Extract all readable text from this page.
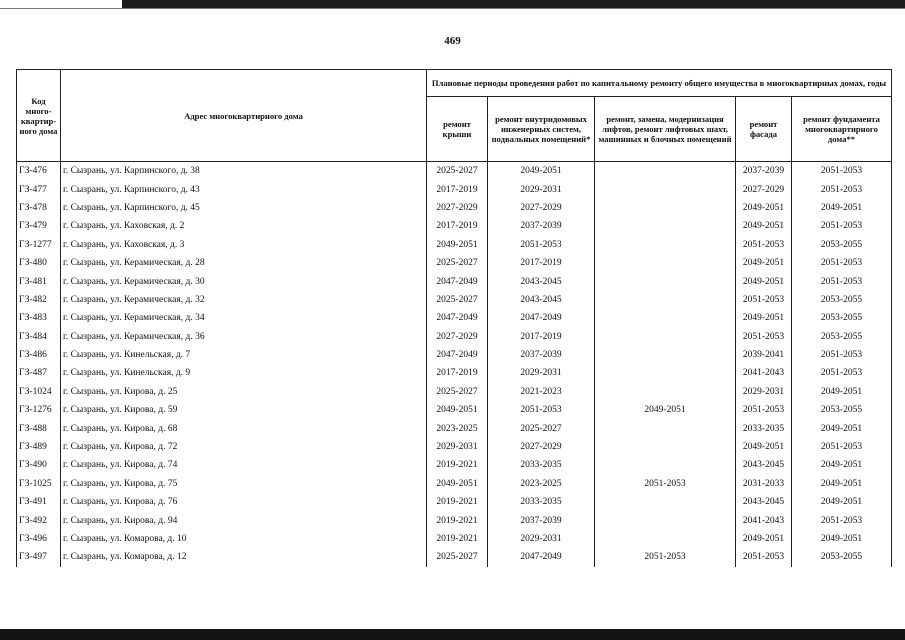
469
Код много-квартир-ного дома	Адрес многоквартирного дома	Плановые периоды проведения работ по капитальному ремонту общего имущества в многоквартирных домах, годы				
		ремонт крыши	ремонт внутридомовых инженерных систем, подвальных помещений*	ремонт, замена, модернизация лифтов, ремонт лифтовых шахт, машинных и блочных помещений	ремонт фасада	ремонт фундамента многоквартирного дома**
ГЗ-476	г. Сызрань, ул. Карпинского, д. 38	2025-2027	2049-2051		2037-2039	2051-2053
ГЗ-477	г. Сызрань, ул. Карпинского, д. 43	2017-2019	2029-2031		2027-2029	2051-2053
ГЗ-478	г. Сызрань, ул. Карпинского, д. 45	2027-2029	2027-2029		2049-2051	2049-2051
ГЗ-479	г. Сызрань, ул. Каховская, д. 2	2017-2019	2037-2039		2049-2051	2051-2053
ГЗ-1277	г. Сызрань, ул. Каховская, д. 3	2049-2051	2051-2053		2051-2053	2053-2055
ГЗ-480	г. Сызрань, ул. Керамическая, д. 28	2025-2027	2017-2019		2049-2051	2051-2053
ГЗ-481	г. Сызрань, ул. Керамическая, д. 30	2047-2049	2043-2045		2049-2051	2051-2053
ГЗ-482	г. Сызрань, ул. Керамическая, д. 32	2025-2027	2043-2045		2051-2053	2053-2055
ГЗ-483	г. Сызрань, ул. Керамическая, д. 34	2047-2049	2047-2049		2049-2051	2053-2055
ГЗ-484	г. Сызрань, ул. Керамическая, д. 36	2027-2029	2017-2019		2051-2053	2053-2055
ГЗ-486	г. Сызрань, ул. Кинельская, д. 7	2047-2049	2037-2039		2039-2041	2051-2053
ГЗ-487	г. Сызрань, ул. Кинельская, д. 9	2017-2019	2029-2031		2041-2043	2051-2053
ГЗ-1024	г. Сызрань, ул. Кирова, д. 25	2025-2027	2021-2023		2029-2031	2049-2051
ГЗ-1276	г. Сызрань, ул. Кирова, д. 59	2049-2051	2051-2053	2049-2051	2051-2053	2053-2055
ГЗ-488	г. Сызрань, ул. Кирова, д. 68	2023-2025	2025-2027		2033-2035	2049-2051
ГЗ-489	г. Сызрань, ул. Кирова, д. 72	2029-2031	2027-2029		2049-2051	2051-2053
ГЗ-490	г. Сызрань, ул. Кирова, д. 74	2019-2021	2033-2035		2043-2045	2049-2051
ГЗ-1025	г. Сызрань, ул. Кирова, д. 75	2049-2051	2023-2025	2051-2053	2031-2033	2049-2051
ГЗ-491	г. Сызрань, ул. Кирова, д. 76	2019-2021	2033-2035		2043-2045	2049-2051
ГЗ-492	г. Сызрань, ул. Кирова, д. 94	2019-2021	2037-2039		2041-2043	2051-2053
ГЗ-496	г. Сызрань, ул. Комарова, д. 10	2019-2021	2029-2031		2049-2051	2049-2051
ГЗ-497	г. Сызрань, ул. Комарова, д. 12	2025-2027	2047-2049	2051-2053	2051-2053	2053-2055
